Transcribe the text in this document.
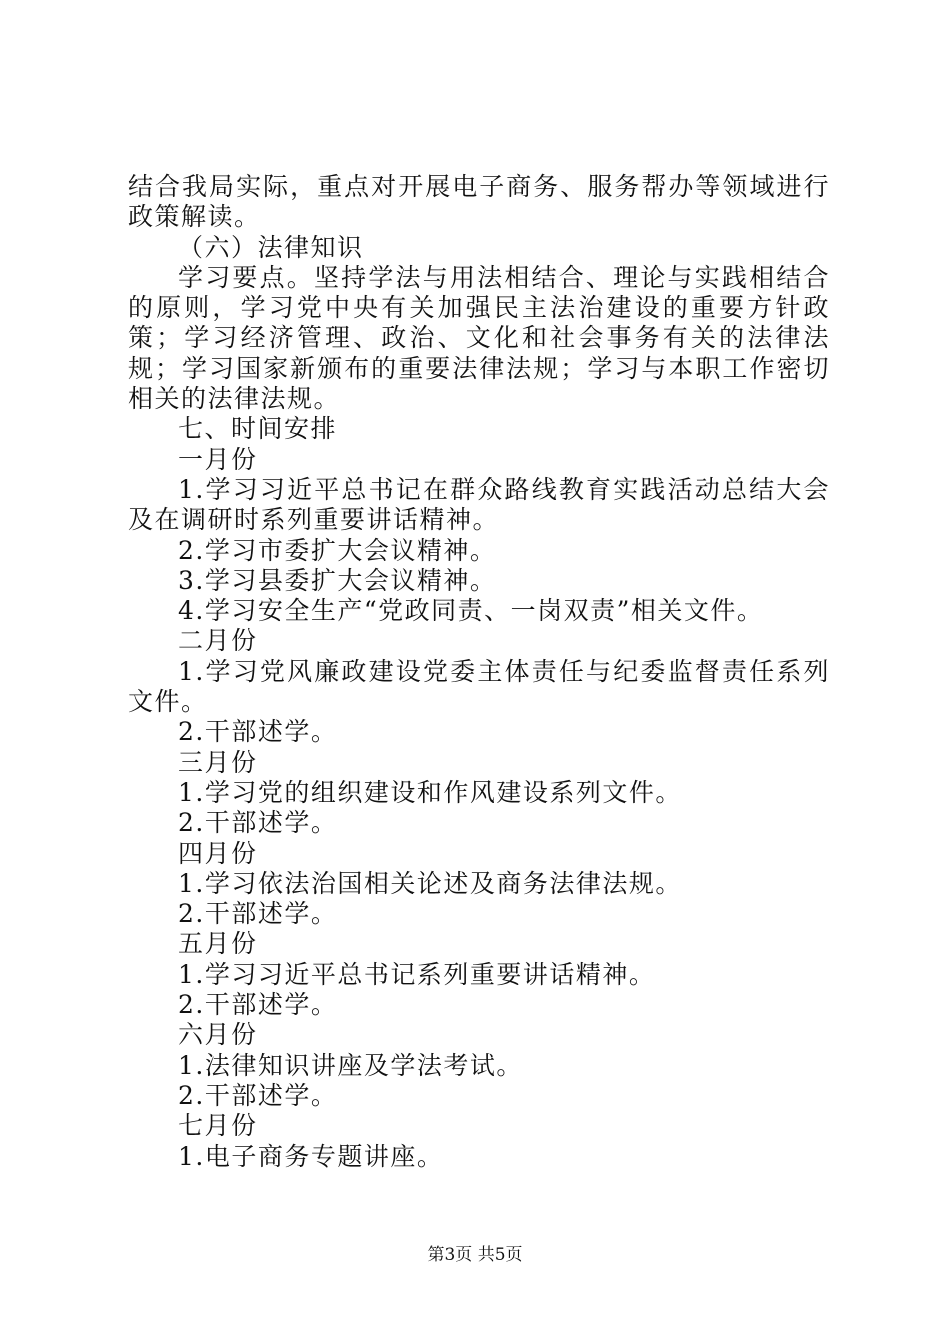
结合我局实际，重点对开展电子商务、服务帮办等领域进行政策解读。

（六）法律知识

学习要点。坚持学法与用法相结合、理论与实践相结合的原则，学习党中央有关加强民主法治建设的重要方针政策；学习经济管理、政治、文化和社会事务有关的法律法规；学习国家新颁布的重要法律法规；学习与本职工作密切相关的法律法规。

七、时间安排

一月份

1.学习习近平总书记在群众路线教育实践活动总结大会及在调研时系列重要讲话精神。

2.学习市委扩大会议精神。

3.学习县委扩大会议精神。

4.学习安全生产“党政同责、一岗双责”相关文件。

二月份

1.学习党风廉政建设党委主体责任与纪委监督责任系列文件。

2.干部述学。

三月份

1.学习党的组织建设和作风建设系列文件。

2.干部述学。

四月份

1.学习依法治国相关论述及商务法律法规。

2.干部述学。

五月份

1.学习习近平总书记系列重要讲话精神。

2.干部述学。

六月份

1.法律知识讲座及学法考试。

2.干部述学。

七月份

1.电子商务专题讲座。

第3页 共5页
